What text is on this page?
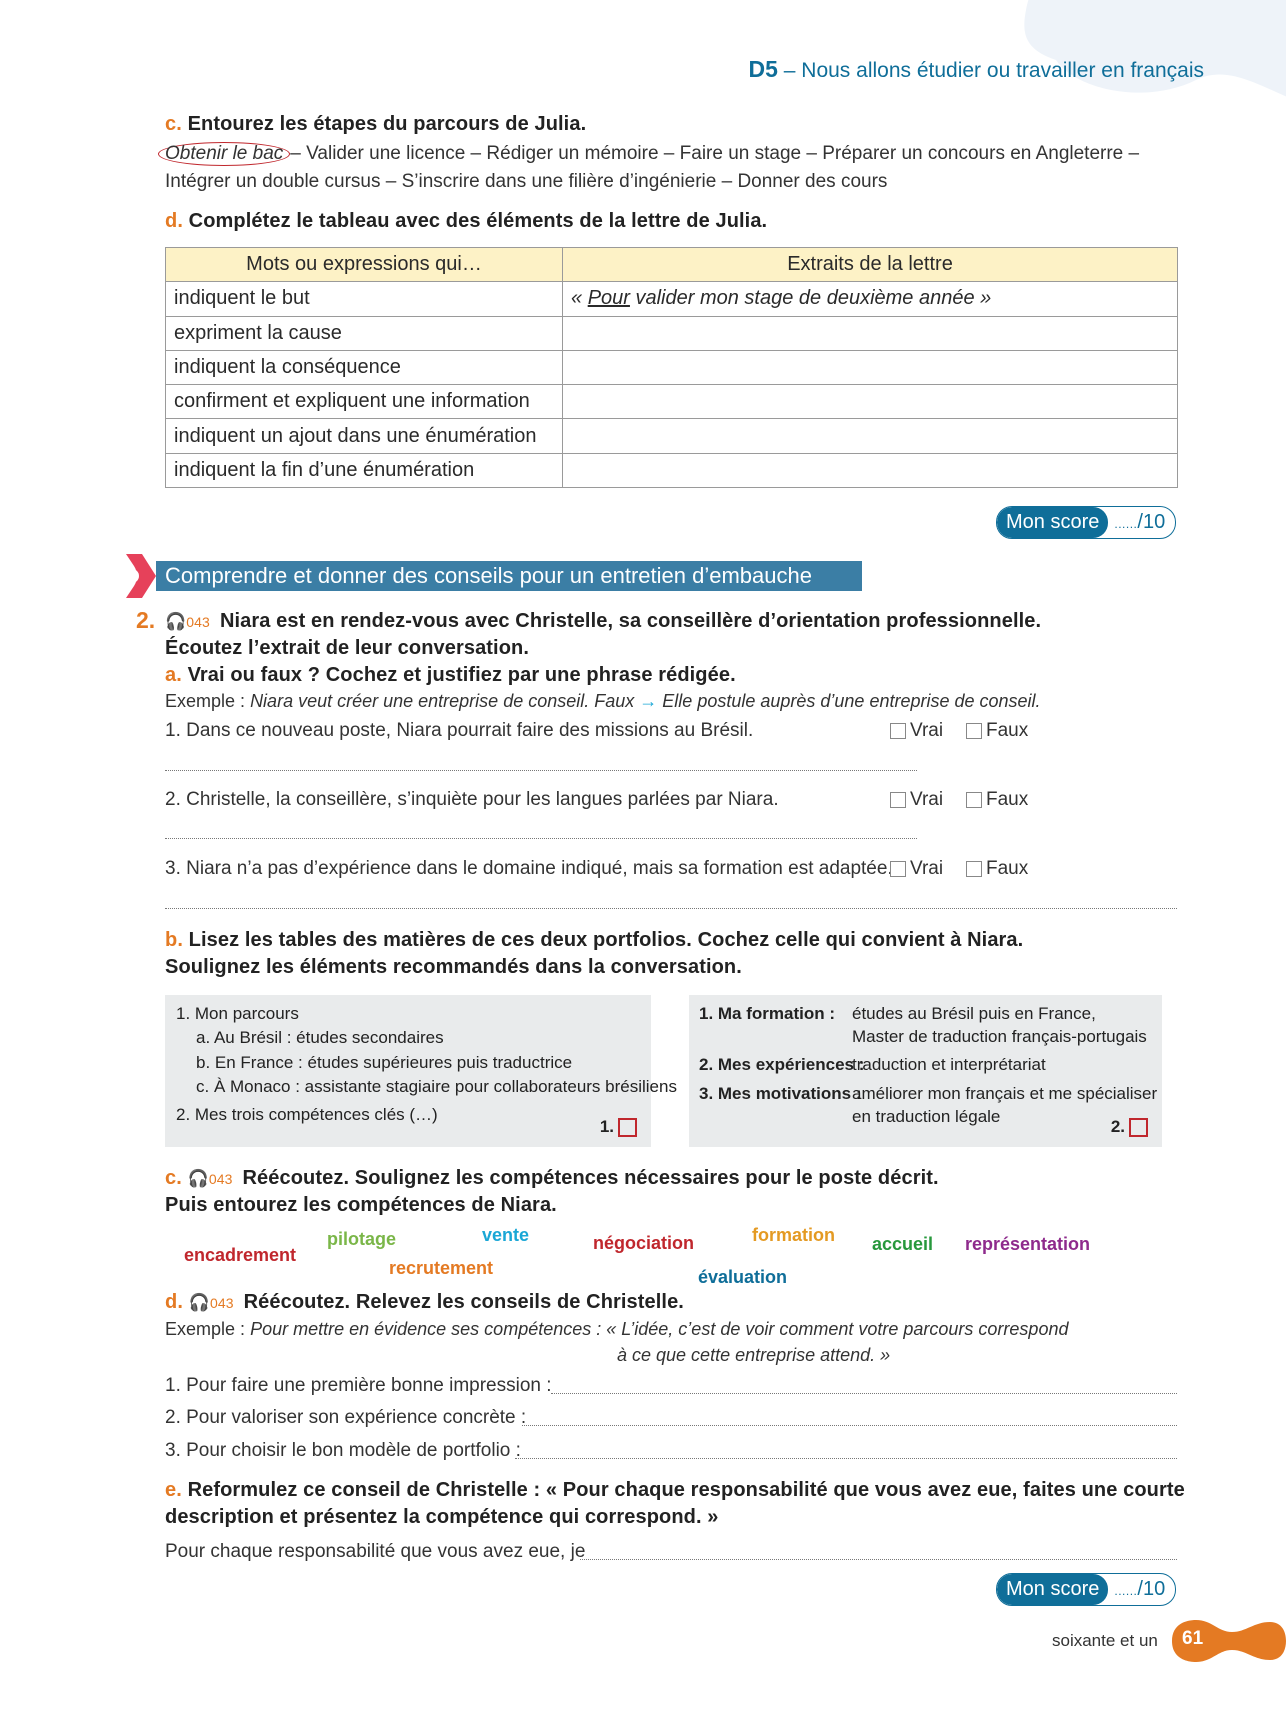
D5 – Nous allons étudier ou travailler en français
c. Entourez les étapes du parcours de Julia.
Obtenir le bac – Valider une licence – Rédiger un mémoire – Faire un stage – Préparer un concours en Angleterre –
Intégrer un double cursus – S’inscrire dans une filière d’ingénierie – Donner des cours
d. Complétez le tableau avec des éléments de la lettre de Julia.
Mots ou expressions qui…	Extraits de la lettre
indiquent le but	« Pour valider mon stage de deuxième année »
expriment la cause	
indiquent la conséquence	
confirment et expliquent une information	
indiquent un ajout dans une énumération	
indiquent la fin d’une énumération	
Mon score	....../10
Comprendre et donner des conseils pour un entretien d’embauche
2. 🎧043 Niara est en rendez-vous avec Christelle, sa conseillère d’orientation professionnelle.
Écoutez l’extrait de leur conversation.
a. Vrai ou faux ? Cochez et justifiez par une phrase rédigée.
Exemple : Niara veut créer une entreprise de conseil. Faux → Elle postule auprès d’une entreprise de conseil.
1. Dans ce nouveau poste, Niara pourrait faire des missions au Brésil.	Vrai Faux
2. Christelle, la conseillère, s’inquiète pour les langues parlées par Niara.	Vrai Faux
3. Niara n’a pas d’expérience dans le domaine indiqué, mais sa formation est adaptée. Vrai Faux
b. Lisez les tables des matières de ces deux portfolios. Cochez celle qui convient à Niara.
Soulignez les éléments recommandés dans la conversation.
1. Mon parcours
a. Au Brésil : études secondaires
b. En France : études supérieures puis traductrice
c. À Monaco : assistante stagiaire pour collaborateurs brésiliens
2. Mes trois compétences clés (…)
1.
1. Ma formation : études au Brésil puis en France,
Master de traduction français-portugais
2. Mes expériences :
traduction et interprétariat
3. Mes motivations :
améliorer mon français et me spécialiser
en traduction légale
2.
c. 🎧043 Réécoutez. Soulignez les compétences nécessaires pour le poste décrit.
Puis entourez les compétences de Niara.
encadrement
pilotage
recrutement
vente	négociation	formation
évaluation
accueil représentation
d. 🎧043 Réécoutez. Relevez les conseils de Christelle.
Exemple : Pour mettre en évidence ses compétences : « L’idée, c’est de voir comment votre parcours correspond
à ce que cette entreprise attend. »
1. Pour faire une première bonne impression :
2. Pour valoriser son expérience concrète :
3. Pour choisir le bon modèle de portfolio :
e. Reformulez ce conseil de Christelle : « Pour chaque responsabilité que vous avez eue, faites une courte
description et présentez la compétence qui correspond. »
Pour chaque responsabilité que vous avez eue, je
Mon score	....../10
soixante et un 61
